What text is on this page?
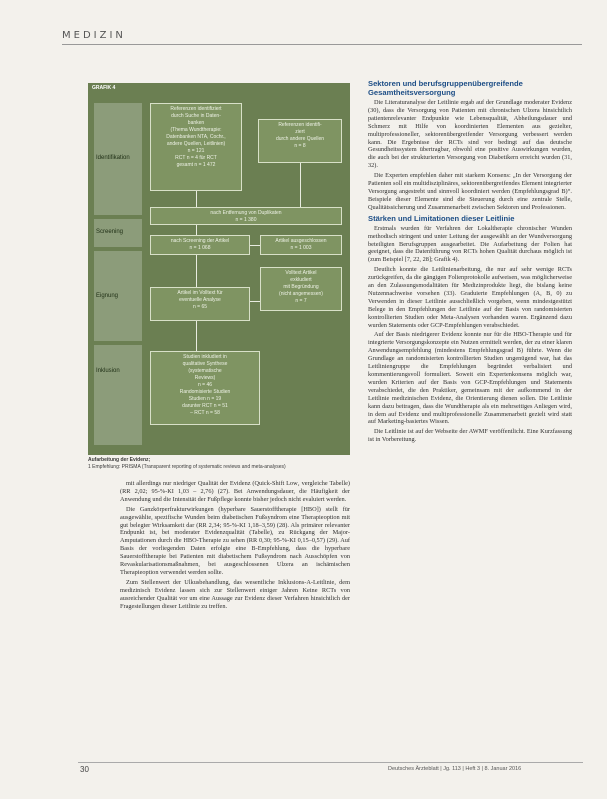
MEDIZIN
GRAFIK 4
Identifikation
Screening
Eignung
Inklusion
Referenzen identifiziert
durch Suche in Daten-
banken
(Thema Wundtherapie:
Datenbanken NTA, Cochr.,
andere Quellen, Leitlinien)
n = 121
RCT n = 4 für RCT
gesamt n = 1 472
Referenzen identifi-
ziert
durch andere Quellen
n = 8
nach Entfernung von Duplikaten
n = 1 380
nach Screening der Artikel
n = 1 068
Artikel ausgeschlossen
n = 1 003
Artikel im Volltext für
eventuelle Analyse
n = 65
Volltext Artikel
exkludiert
mit Begründung
(nicht angemessen)
n = 7
Studien inkludiert in
qualitative Synthese
(systematische
Reviews)
n = 46
Randomisierte Studien
Studien n = 19
darunter RCT n = 51
– RCT n = 58
Aufarbeitung der Evidenz;
1 Empfehlung: PRISMA (Transparent reporting of systematic reviews and meta-analyses)

mit allerdings nur niedriger Qualität der Evidenz (Quick-Shift Low‚ vergleiche Tabelle) (RR 2,02; 95-%-KI 1,03 – 2,76) (27). Bei Anwendungsdauer, die Häufigkeit der Anwendung und die Intensität der Fußpflege konnte bisher jedoch nicht evaluiert werden.

Die Ganzkörperfrakturwirkungen (hyperbare Sauerstofftherapie [HBO]) stellt für ausgewählte, spezifische Wunden beim diabetischen Fußsyndrom eine Therapieoption mit gut belegter Wirksamkeit dar (RR 2,34; 95-%-KI 1,18–3,59) (28). Als primärer relevanter Endpunkt ist, bei moderater Evidenzqualität (Tabelle), zu Rückgang der Major-Amputationen durch die HBO-Therapie zu sehen (RR 0,30; 95-%-KI 0,15–0,57) (29). Auf Basis der vorliegenden Daten erfolgte eine B-Empfehlung, dass die hyperbare Sauerstofftherapie bei Patienten mit diabetischem Fußsyndrom nach Ausschöpfen von Revaskularisationsmaßnahmen, bei ausgeschlossenen Ulzera an ischämischen Therapieoption verwendet werden sollte.

Zum Stellenwert der Ulkusbehandlung, das wesentliche Inklusions-A-Leitlinie, dem medizinisch Evidenz lassen sich zur Stellenwert einiger Jahren Keine RCTs von ausreichender Qualität vor um eine Aussage zur Evidenz dieser Verfahren hinsichtlich der Fragestellungen dieser Leitlinie zu treffen.

Sektoren und berufsgruppenübergreifende Gesamtheitsversorgung

Die Literaturanalyse der Leitlinie ergab auf der Grundlage moderater Evidenz (30), dass die Versorgung von Patienten mit chronischen Ulzera hinsichtlich patientenrelevanter Endpunkte wie Lebensqualität, Abheilungsdauer und Schmerz mit Hilfe von koordinierten Elementen aus gezielter, multiprofessioneller, sektorenübergreifender Versorgung verbessert werden kann. Die Ergebnisse der RCTs sind vor bedingt auf das deutsche Gesundheitssystem übertragbar, obwohl eine positive Auswirkungen wurden, die auch bei der strukturierten Versorgung von Diabetikern erreicht wurden (31, 32).

Die Experten empfehlen daher mit starkem Konsens: „In der Versorgung der Patienten soll ein multidisziplinäres, sektorenübergreifendes Element integrierter Versorgung angestrebt und sinnvoll koordiniert werden (Empfehlungsgrad B)“. Beispiele dieser Elemente sind die Steuerung durch eine zentrale Stelle, Qualitätssicherung und Zusammenarbeit zwischen Sektoren und Professionen.

Stärken und Limitationen dieser Leitlinie

Erstmals wurden für Verfahren der Lokaltherapie chronischer Wunden methodisch stringent und unter Leitung der ausgewählt an der Wundversorgung beteiligten Berufsgruppen ausgearbeitet. Die Aufarbeitung der Folien hat geeignet, dass die Datenführung von RCTs hohen Qualität durchaus möglich ist (zum Beispiel [7, 22, 28]; Grafik 4).

Deutlich konnte die Leitlinienarbeitung, die nur auf sehr wenige RCTs zurückgreifen, da die gängigen Folienprotokolle aufweisen, was möglicherweise an den Zulassungsmodalitäten für Medizinprodukte liegt, die bislang keine Nutzennachweise vorsehen (33). Graduierte Empfehlungen (A, B, 0) zu Verwenden in dieser Leitlinie ausschließlich vorgeben, wenn mindestgestützt Belege in den Empfehlungen der Leitlinie auf der Basis von randomisierten kontrollierten Studien oder Meta-Analysen vorhanden waren. Ergänzend dazu wurden Statements oder GCP-Empfehlungen verabschiedet.

Auf der Basis niedrigerer Evidenz konnte nur für die HBO-Therapie und für integrierte Versorgungskonzepte ein Nutzen ermittelt werden, der zu einer klaren Anwendungsempfehlung (mindestens Empfehlungsgrad B) führte. Wenn die Grundlage an randomisierten kontrollierten Studien ungenügend war, hat das Leitliniengruppe die Empfehlungen begründet verbalisiert und kommentierungsvoll formuliert. Soweit ein Expertenkonsens möglich war, wurden Kriterien auf der Basis von GCP-Empfehlungen und Statements verabschiedet, die den Praktiker, gemeinsam mit der aufkommend in der Leitlinie medizinischen Evidenz, die Orientierung dienen sollen. Die Leitlinie kann dazu beitragen, dass die Wundtherapie als ein mehrseitiges Anliegen wird, in dem auf Evidenz und multiprofessionelle Zusammenarbeit gezielt wird statt auf Marketing-basiertes Wissen.

Die Leitlinie ist auf der Webseite der AWMF veröffentlicht. Eine Kurzfassung ist in Vorbereitung.

30	Deutsches Ärzteblatt | Jg. 113 | Heft 3 | 8. Januar 2016
